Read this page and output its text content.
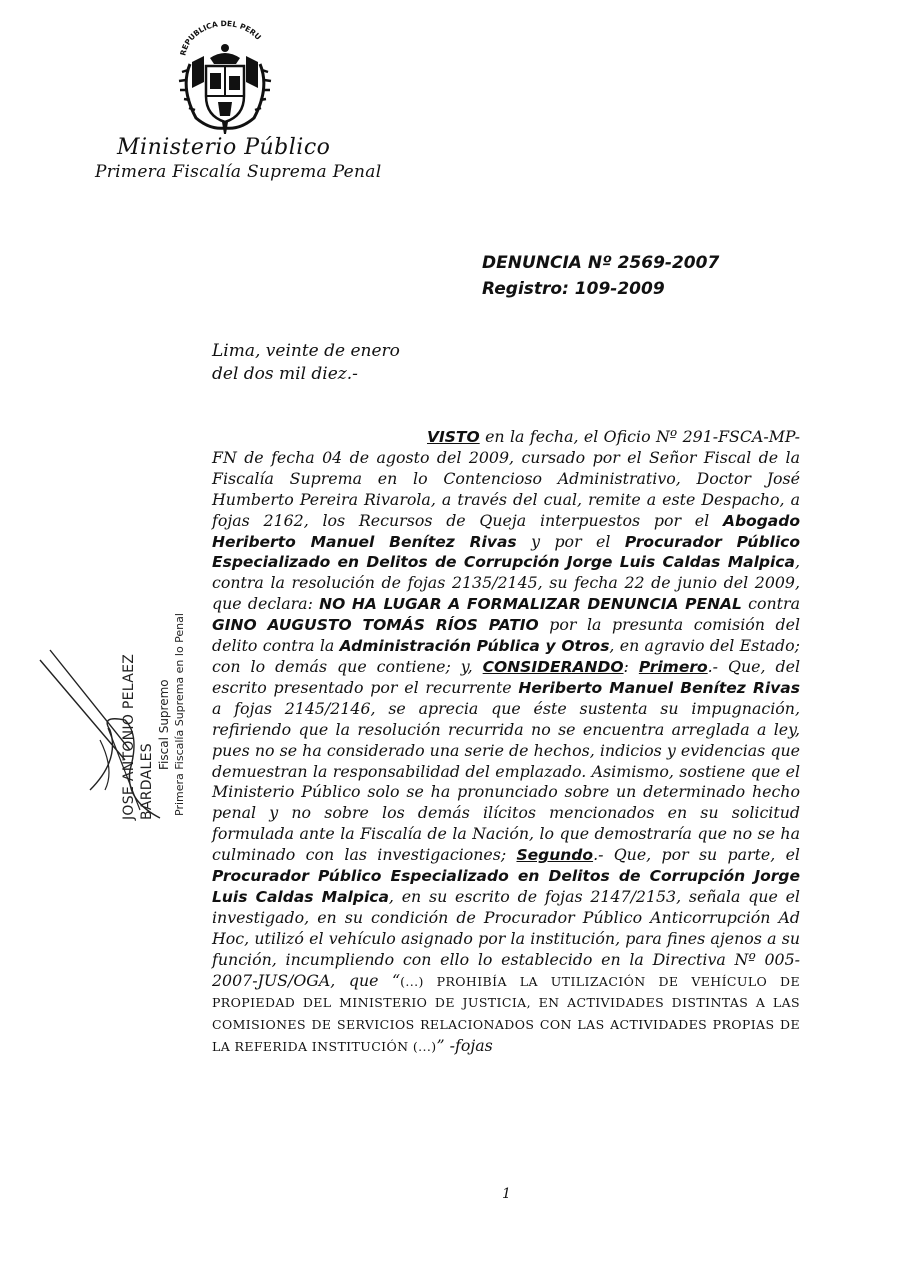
REPUBLICA DEL PERU
Ministerio Público
Primera Fiscalía Suprema Penal
DENUNCIA Nº 2569-2007
Registro: 109-2009
Lima, veinte de enero
del dos mil diez.-

VISTO en la fecha, el Oficio Nº 291-FSCA-MP-FN de fecha 04 de agosto del 2009, cursado por el Señor Fiscal de la Fiscalía Suprema en lo Contencioso Administrativo, Doctor José Humberto Pereira Rivarola, a través del cual, remite a este Despacho, a fojas 2162, los Recursos de Queja interpuestos por el Abogado Heriberto Manuel Benítez Rivas y por el Procurador Público Especializado en Delitos de Corrupción Jorge Luis Caldas Malpica, contra la resolución de fojas 2135/2145, su fecha 22 de junio del 2009, que declara: NO HA LUGAR A FORMALIZAR DENUNCIA PENAL contra GINO AUGUSTO TOMÁS RÍOS PATIO por la presunta comisión del delito contra la Administración Pública y Otros, en agravio del Estado; con lo demás que contiene; y, CONSIDERANDO: Primero.- Que, del escrito presentado por el recurrente Heriberto Manuel Benítez Rivas a fojas 2145/2146, se aprecia que éste sustenta su impugnación, refiriendo que la resolución recurrida no se encuentra arreglada a ley, pues no se ha considerado una serie de hechos, indicios y evidencias que demuestran la responsabilidad del emplazado. Asimismo, sostiene que el Ministerio Público solo se ha pronunciado sobre un determinado hecho penal y no sobre los demás ilícitos mencionados en su solicitud formulada ante la Fiscalía de la Nación, lo que demostraría que no se ha culminado con las investigaciones; Segundo.- Que, por su parte, el Procurador Público Especializado en Delitos de Corrupción Jorge Luis Caldas Malpica, en su escrito de fojas 2147/2153, señala que el investigado, en su condición de Procurador Público Anticorrupción Ad Hoc, utilizó el vehículo asignado por la institución, para fines ajenos a su función, incumpliendo con ello lo establecido en la Directiva Nº 005-2007-JUS/OGA, que “(...) PROHIBÍA LA UTILIZACIÓN DE VEHÍCULO DE PROPIEDAD DEL MINISTERIO DE JUSTICIA, EN ACTIVIDADES DISTINTAS A LAS COMISIONES DE SERVICIOS RELACIONADOS CON LAS ACTIVIDADES PROPIAS DE LA REFERIDA INSTITUCIÓN (...)” -fojas

JOSE ANTONIO PELAEZ BARDALES
Fiscal Supremo Primera Fiscalía Suprema en lo Penal
1
